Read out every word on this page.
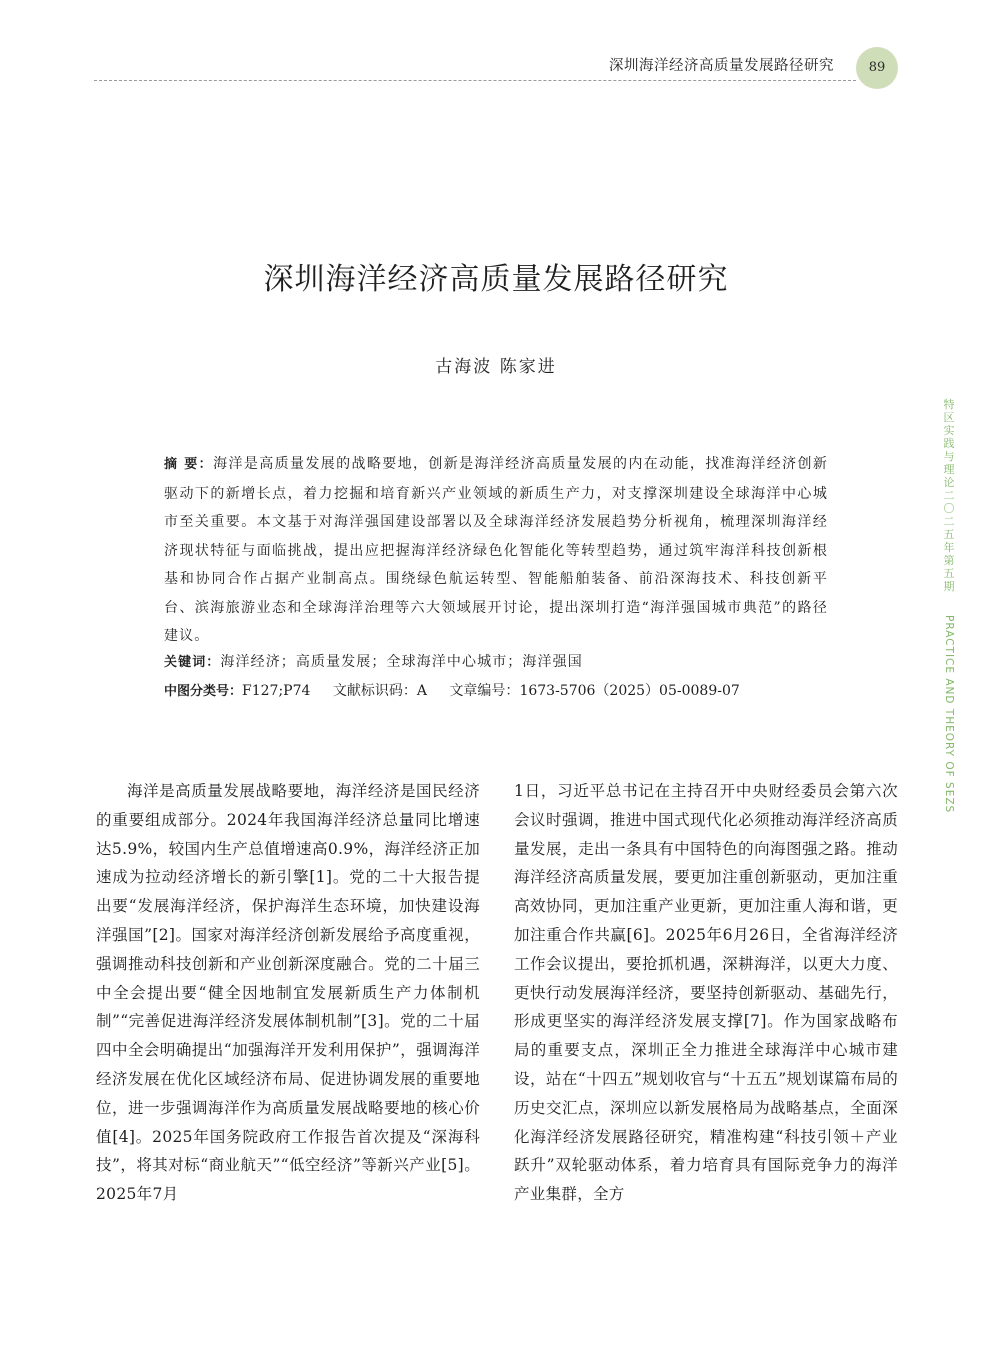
深圳海洋经济高质量发展路径研究	89
特区实践与理论 二〇二五年 第五期
PRACTICE AND THEORY OF SEZS
深圳海洋经济高质量发展路径研究
古海波 陈家进
摘 要：海洋是高质量发展的战略要地，创新是海洋经济高质量发展的内在动能，找准海洋经济创新驱动下的新增长点，着力挖掘和培育新兴产业领域的新质生产力，对支撑深圳建设全球海洋中心城市至关重要。本文基于对海洋强国建设部署以及全球海洋经济发展趋势分析视角，梳理深圳海洋经济现状特征与面临挑战，提出应把握海洋经济绿色化智能化等转型趋势，通过筑牢海洋科技创新根基和协同合作占据产业制高点。围绕绿色航运转型、智能船舶装备、前沿深海技术、科技创新平台、滨海旅游业态和全球海洋治理等六大领域展开讨论，提出深圳打造“海洋强国城市典范”的路径建议。
关键词：海洋经济；高质量发展；全球海洋中心城市；海洋强国
中图分类号：F127;P74 文献标识码：A 文章编号：1673-5706（2025）05-0089-07
海洋是高质量发展战略要地，海洋经济是国民经济的重要组成部分。2024年我国海洋经济总量同比增速达5.9%，较国内生产总值增速高0.9%，海洋经济正加速成为拉动经济增长的新引擎[1]。党的二十大报告提出要“发展海洋经济，保护海洋生态环境，加快建设海洋强国”[2]。国家对海洋经济创新发展给予高度重视，强调推动科技创新和产业创新深度融合。党的二十届三中全会提出要“健全因地制宜发展新质生产力体制机制”“完善促进海洋经济发展体制机制”[3]。党的二十届四中全会明确提出“加强海洋开发利用保护”，强调海洋经济发展在优化区域经济布局、促进协调发展的重要地位，进一步强调海洋作为高质量发展战略要地的核心价值[4]。2025年国务院政府工作报告首次提及“深海科技”，将其对标“商业航天”“低空经济”等新兴产业[5]。2025年7月
1日，习近平总书记在主持召开中央财经委员会第六次会议时强调，推进中国式现代化必须推动海洋经济高质量发展，走出一条具有中国特色的向海图强之路。推动海洋经济高质量发展，要更加注重创新驱动，更加注重高效协同，更加注重产业更新，更加注重人海和谐，更加注重合作共赢[6]。2025年6月26日，全省海洋经济工作会议提出，要抢抓机遇，深耕海洋，以更大力度、更快行动发展海洋经济，要坚持创新驱动、基础先行，形成更坚实的海洋经济发展支撑[7]。作为国家战略布局的重要支点，深圳正全力推进全球海洋中心城市建设，站在“十四五”规划收官与“十五五”规划谋篇布局的历史交汇点，深圳应以新发展格局为战略基点，全面深化海洋经济发展路径研究，精准构建“科技引领＋产业跃升”双轮驱动体系，着力培育具有国际竞争力的海洋产业集群，全方
